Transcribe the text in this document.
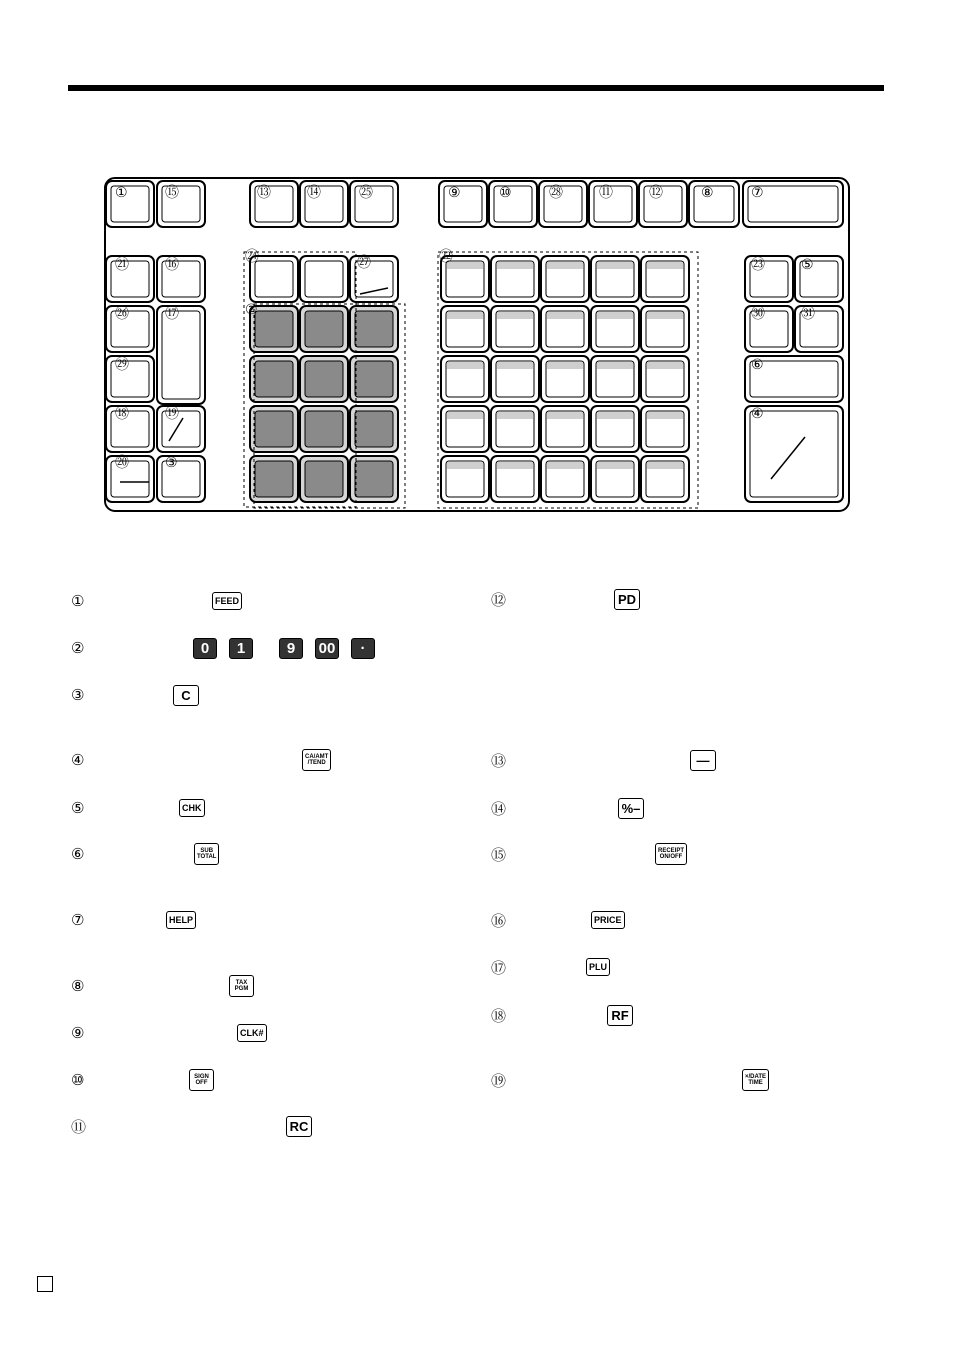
①	⑮	⑬	⑭	㉕	⑨	⑩	㉘	⑪	⑫	⑧	⑦
㉑	⑯	㉔	㉗	㉒	㉓	⑤
㉖	⑰	②	㉚	㉛
㉙	⑥
⑱	⑲	④
⑳	③
①	FEED
②	0	1	9	00	·
③	C
④	CA/AMT
/TEND
⑤	CHK
⑥	SUB
TOTAL
⑦	HELP
⑧	TAX
PGM
⑨	CLK#
⑩	SIGN
OFF
⑪	RC
⑫	PD
⑬	—
⑭	%–
⑮	RECEIPT
ON/OFF
⑯	PRICE
⑰	PLU
⑱	RF
⑲	×/DATE
TIME
